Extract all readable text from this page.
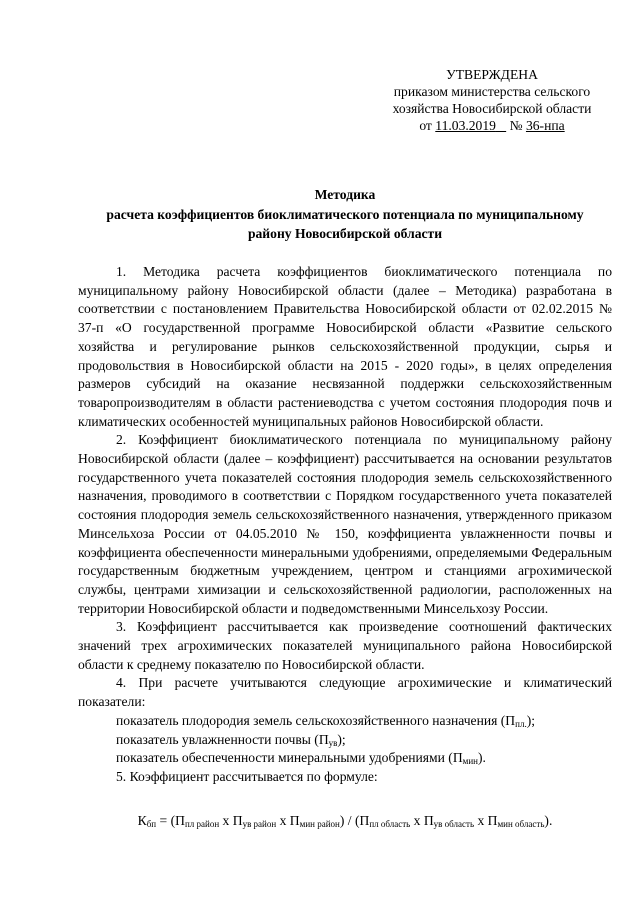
УТВЕРЖДЕНА
приказом министерства сельского
хозяйства Новосибирской области
от 11.03.2019 № 36-нпа
Методика
расчета коэффициентов биоклиматического потенциала по муниципальному
району Новосибирской области

1. Методика расчета коэффициентов биоклиматического потенциала по муниципальному району Новосибирской области (далее – Методика) разработана в соответствии с постановлением Правительства Новосибирской области от 02.02.2015 № 37-п «О государственной программе Новосибирской области «Развитие сельского хозяйства и регулирование рынков сельскохозяйственной продукции, сырья и продовольствия в Новосибирской области на 2015 - 2020 годы», в целях определения размеров субсидий на оказание несвязанной поддержки сельскохозяйственным товаропроизводителям в области растениеводства с учетом состояния плодородия почв и климатических особенностей муниципальных районов Новосибирской области.

2. Коэффициент биоклиматического потенциала по муниципальному району Новосибирской области (далее – коэффициент) рассчитывается на основании результатов государственного учета показателей состояния плодородия земель сельскохозяйственного назначения, проводимого в соответствии с Порядком государственного учета показателей состояния плодородия земель сельскохозяйственного назначения, утвержденного приказом Минсельхоза России от 04.05.2010 № 150, коэффициента увлажненности почвы и коэффициента обеспеченности минеральными удобрениями, определяемыми Федеральным государственным бюджетным учреждением, центром и станциями агрохимической службы, центрами химизации и сельскохозяйственной радиологии, расположенных на территории Новосибирской области и подведомственными Минсельхозу России.

3. Коэффициент рассчитывается как произведение соотношений фактических значений трех агрохимических показателей муниципального района Новосибирской области к среднему показателю по Новосибирской области.

4. При расчете учитываются следующие агрохимические и климатический показатели:

показатель плодородия земель сельскохозяйственного назначения $(П_{пл.})$;

показатель увлажненности почвы $(П_{ув})$;

показатель обеспеченности минеральными удобрениями $(П_{мин})$.

5. Коэффициент рассчитывается по формуле:

$К_{бп} = (П_{пл район}$ х $П_{ув район}$ х $П_{мин район}) / (П_{пл область}$ х $П_{ув область}$ х $П_{мин область}$).
